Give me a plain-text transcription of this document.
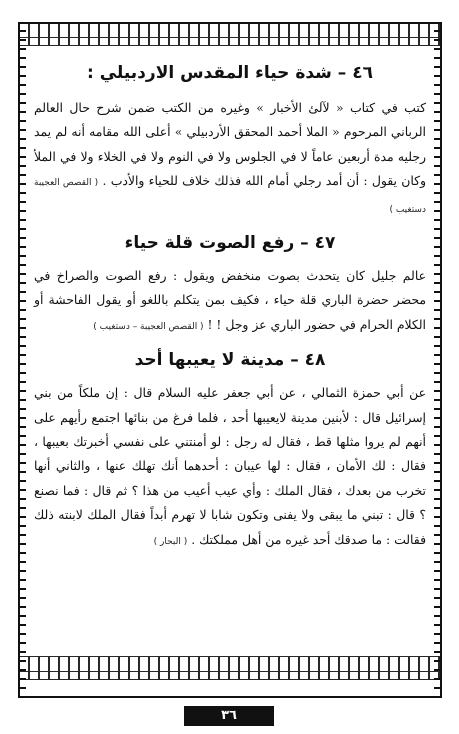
٤٦ – شدة حياء المقدس الاردبيلي :

كتب في كتاب « لآلئ الأخبار » وغيره من الكتب ضمن شرح حال العالم الرباني المرحوم « الملا أحمد المحقق الأردبيلي » أعلى الله مقامه أنه لم يمد رجليه مدة أربعين عاماً لا في الجلوس ولا في النوم ولا في الخلاء ولا في الملأ وكان يقول : أن أمد رجلي أمام الله فذلك خلاف للحياء والأدب . ( القصص العجيبة دستغيب )

٤٧ – رفع الصوت قلة حياء

عالم جليل كان يتحدث بصوت منخفض ويقول : رفع الصوت والصراخ في محضر حضرة الباري قلة حياء ، فكيف بمن يتكلم باللغو أو يقول الفاحشة أو الكلام الحرام في حضور الباري عز وجل ! ! ( القصص العجيبة – دستغيب )

٤٨ – مدينة لا يعيبها أحد

عن أبي حمزة الثمالي ، عن أبي جعفر عليه السلام قال : إن ملكاً من بني إسرائيل قال : لأبنين مدينة لايعيبها أحد ، فلما فرغ من بنائها اجتمع رأيهم على أنهم لم يروا مثلها قط ، فقال له رجل : لو أمنتني على نفسي أخبرتك بعيبها ، فقال : لك الأمان ، فقال : لها عيبان : أحدهما أنك تهلك عنها ، والثاني أنها تخرب من بعدك ، فقال الملك : وأي عيب أعيب من هذا ؟ ثم قال : فما نصنع ؟ قال : تبني ما يبقى ولا يفنى وتكون شابا لا تهرم أبداً فقال الملك لابنته ذلك فقالت : ما صدقك أحد غيره من أهل مملكتك . ( البحار )

٣٦
